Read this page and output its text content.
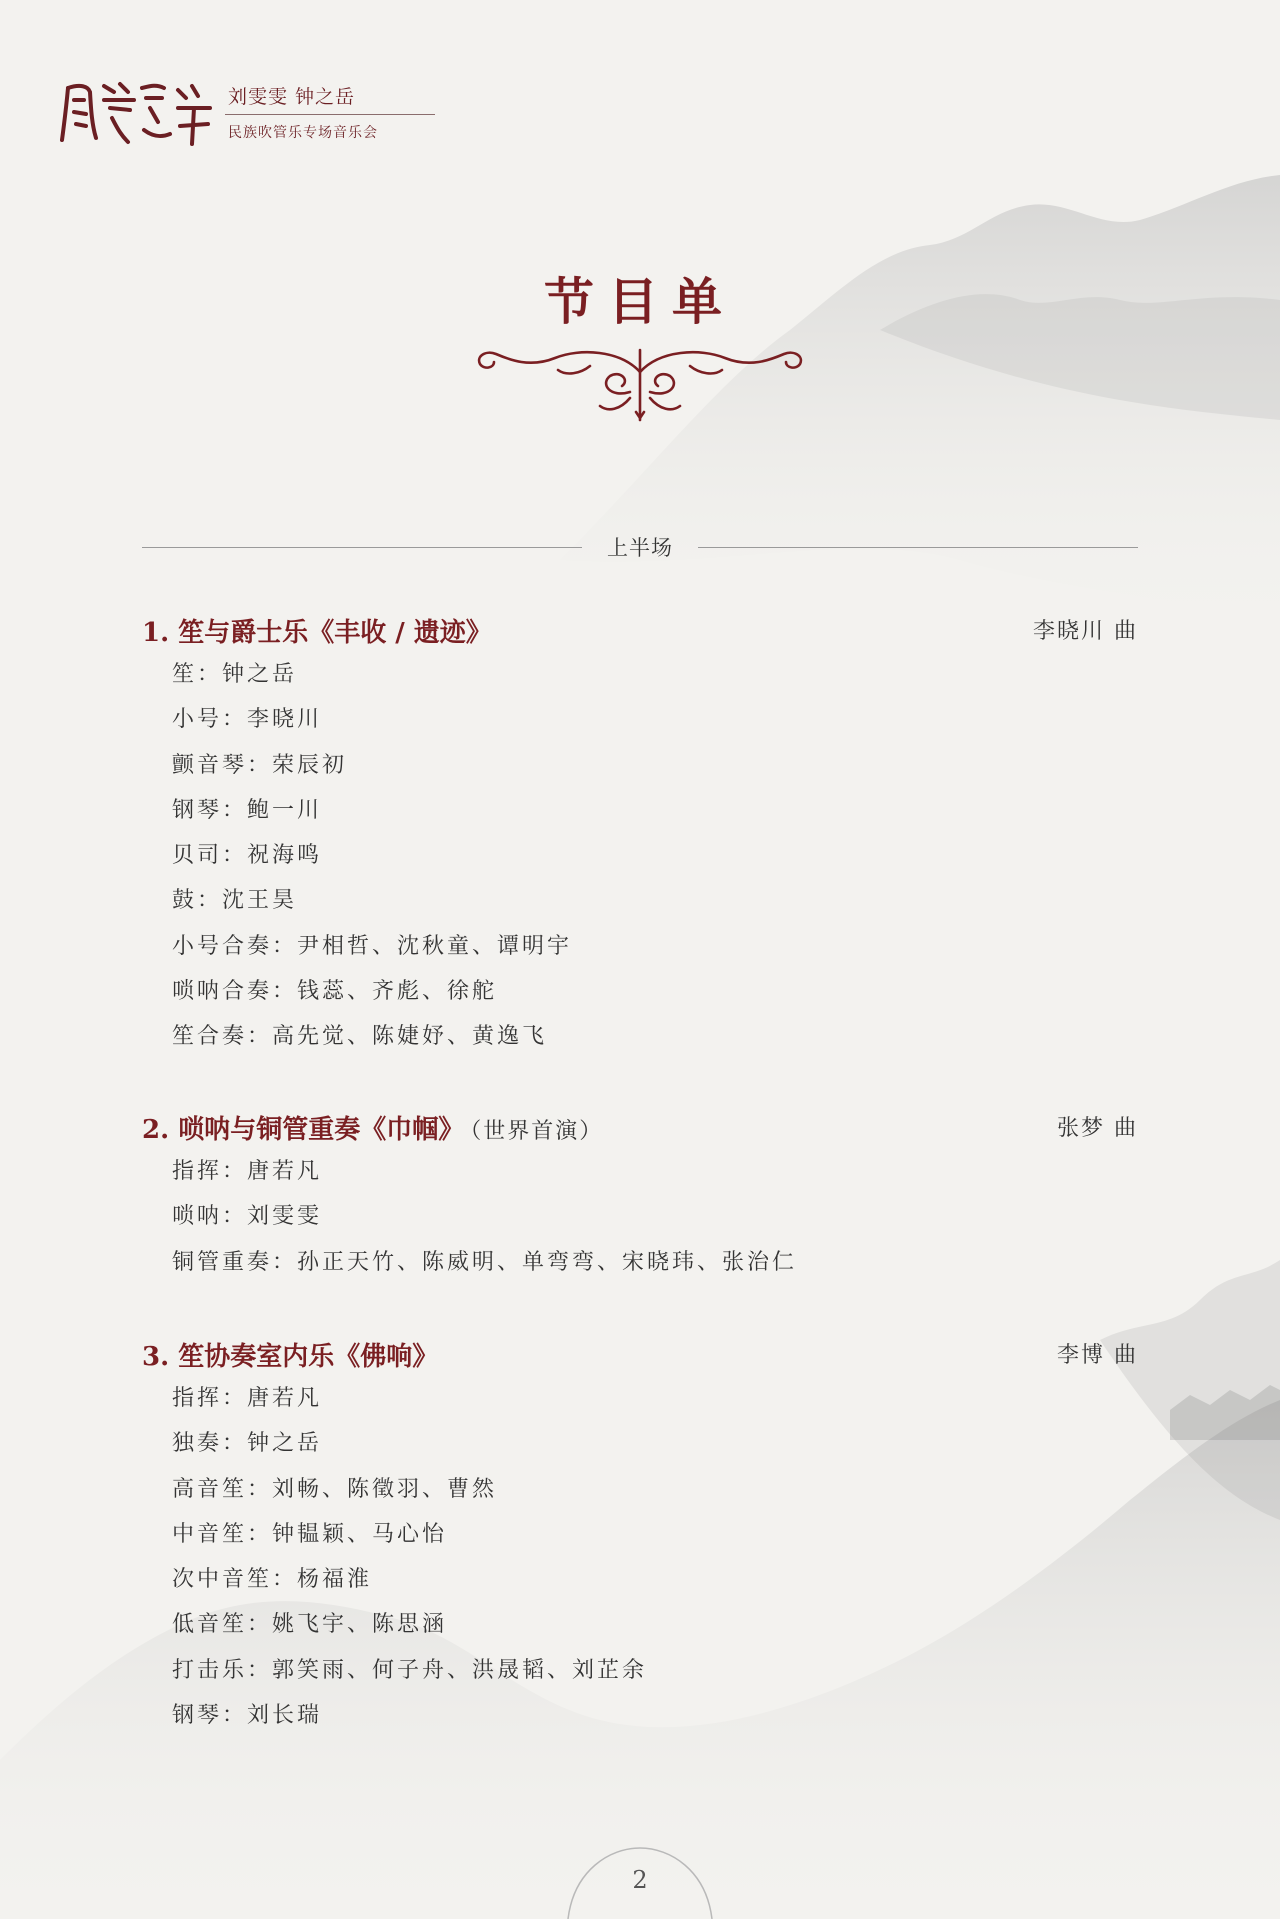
刘雯雯 钟之岳
民族吹管乐专场音乐会
节目单
上半场
1. 笙与爵士乐《丰收 / 遗迹》	李晓川 曲
笙：钟之岳
小号：李晓川
颤音琴：荣辰初
钢琴：鲍一川
贝司：祝海鸣
鼓：沈王昊
小号合奏：尹相哲、沈秋童、谭明宇
唢呐合奏：钱蕊、齐彪、徐舵
笙合奏：高先觉、陈婕妤、黄逸飞
2. 唢呐与铜管重奏《巾帼》 （世界首演）	张梦 曲
指挥：唐若凡
唢呐：刘雯雯
铜管重奏：孙正天竹、陈威明、单弯弯、宋晓玮、张治仁
3. 笙协奏室内乐《佛响》	李博 曲
指挥：唐若凡
独奏：钟之岳
高音笙：刘畅、陈徵羽、曹然
中音笙：钟韫颖、马心怡
次中音笙：杨福淮
低音笙：姚飞宇、陈思涵
打击乐：郭笑雨、何子舟、洪晟韬、刘芷余
钢琴：刘长瑞
2
